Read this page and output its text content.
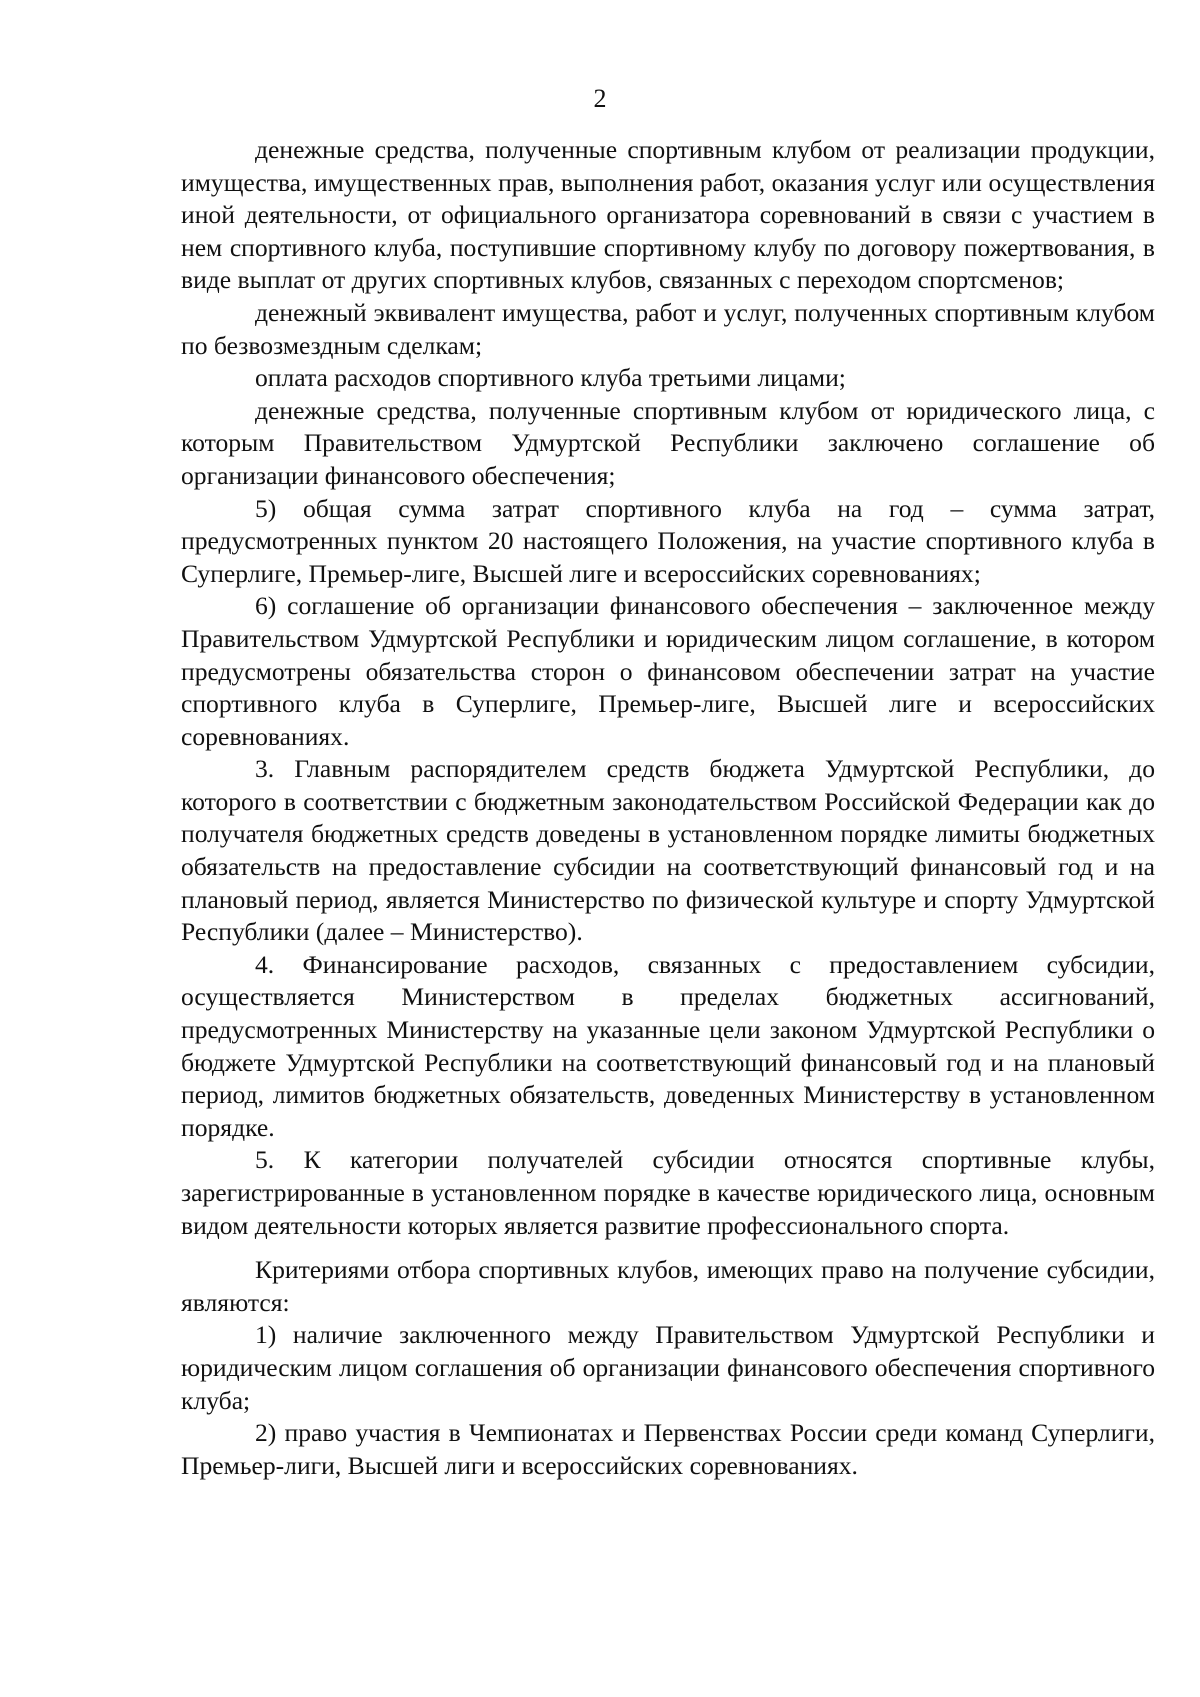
2

денежные средства, полученные спортивным клубом от реализации продукции, имущества, имущественных прав, выполнения работ, оказания услуг или осуществления иной деятельности, от официального организатора соревнований в связи с участием в нем спортивного клуба, поступившие спортивному клубу по договору пожертвования, в виде выплат от других спортивных клубов, связанных с переходом спортсменов;

денежный эквивалент имущества, работ и услуг, полученных спортивным клубом по безвозмездным сделкам;

оплата расходов спортивного клуба третьими лицами;

денежные средства, полученные спортивным клубом от юридического лица, с которым Правительством Удмуртской Республики заключено соглашение об организации финансового обеспечения;

5) общая сумма затрат спортивного клуба на год – сумма затрат, предусмотренных пунктом 20 настоящего Положения, на участие спортивного клуба в Суперлиге, Премьер-лиге, Высшей лиге и всероссийских соревнованиях;

6) соглашение об организации финансового обеспечения – заключенное между Правительством Удмуртской Республики и юридическим лицом соглашение, в котором предусмотрены обязательства сторон о финансовом обеспечении затрат на участие спортивного клуба в Суперлиге, Премьер-лиге, Высшей лиге и всероссийских соревнованиях.

3. Главным распорядителем средств бюджета Удмуртской Республики, до которого в соответствии с бюджетным законодательством Российской Федерации как до получателя бюджетных средств доведены в установленном порядке лимиты бюджетных обязательств на предоставление субсидии на соответствующий финансовый год и на плановый период, является Министерство по физической культуре и спорту Удмуртской Республики (далее – Министерство).

4. Финансирование расходов, связанных с предоставлением субсидии, осуществляется Министерством в пределах бюджетных ассигнований, предусмотренных Министерству на указанные цели законом Удмуртской Республики о бюджете Удмуртской Республики на соответствующий финансовый год и на плановый период, лимитов бюджетных обязательств, доведенных Министерству в установленном порядке.

5. К категории получателей субсидии относятся спортивные клубы, зарегистрированные в установленном порядке в качестве юридического лица, основным видом деятельности которых является развитие профессионального спорта.

Критериями отбора спортивных клубов, имеющих право на получение субсидии, являются:

1) наличие заключенного между Правительством Удмуртской Республики и юридическим лицом соглашения об организации финансового обеспечения спортивного клуба;

2) право участия в Чемпионатах и Первенствах России среди команд Суперлиги, Премьер-лиги, Высшей лиги и всероссийских соревнованиях.
